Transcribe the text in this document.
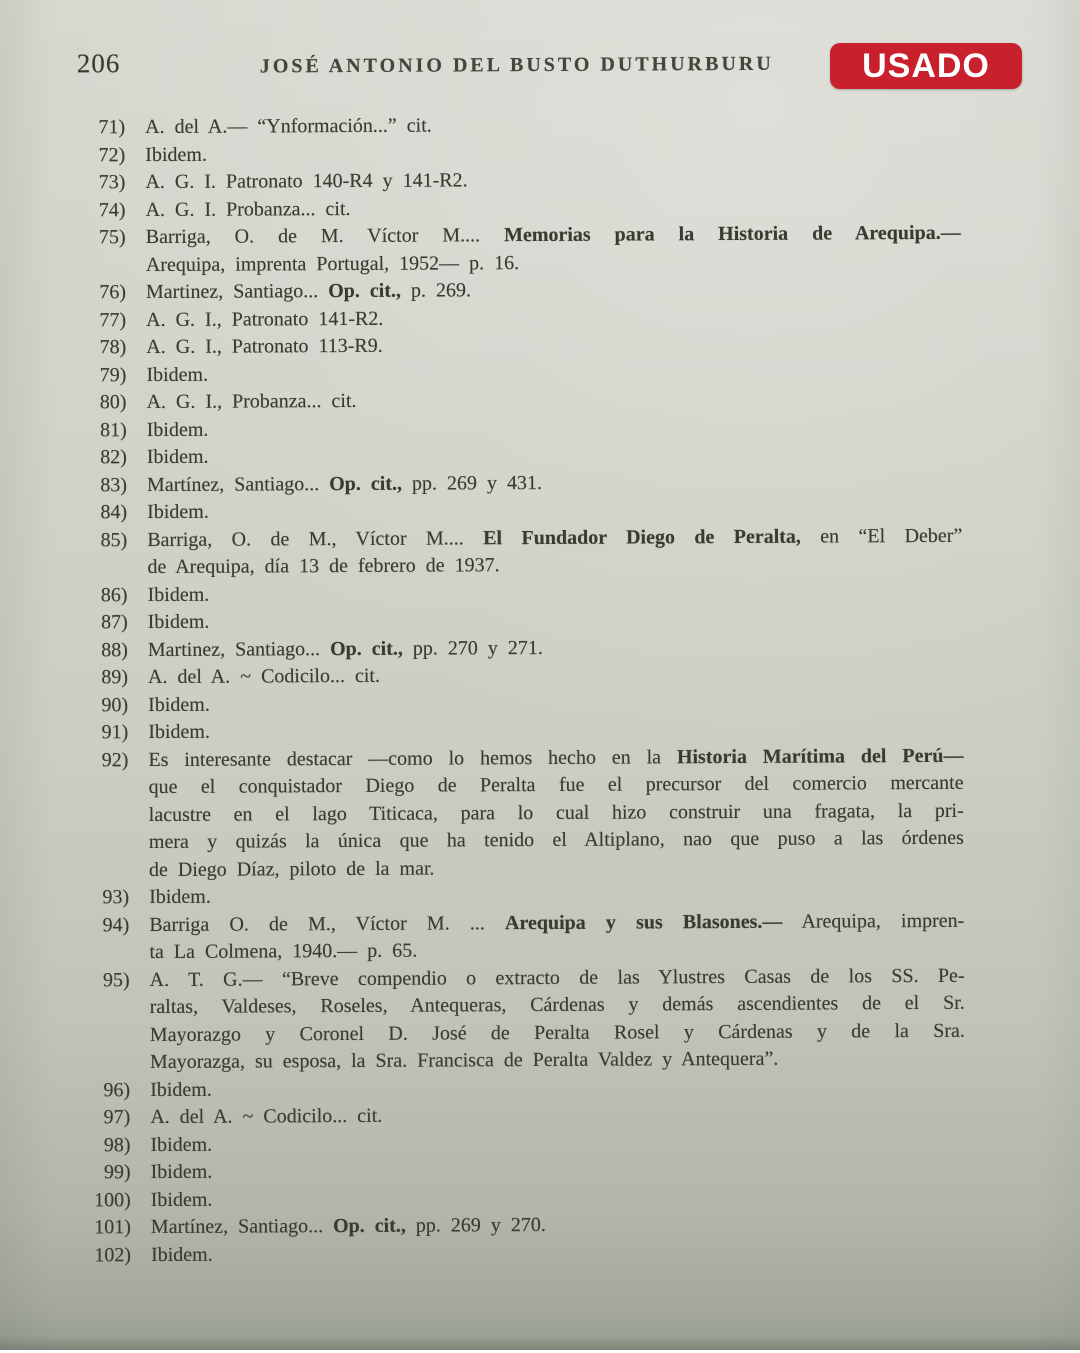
206	JOSÉ ANTONIO DEL BUSTO DUTHURBURU
71) A. del A.— “Ynformación...” cit.
72) Ibidem.
73) A. G. I. Patronato 140-R4 y 141-R2.
74) A. G. I. Probanza... cit.
75) Barriga, O. de M. Víctor M.... Memorias para la Historia de Arequipa.—
Arequipa, imprenta Portugal, 1952— p. 16.
76) Martinez, Santiago... Op. cit., p. 269.
77) A. G. I., Patronato 141-R2.
78) A. G. I., Patronato 113-R9.
79) Ibidem.
80) A. G. I., Probanza... cit.
81) Ibidem.
82) Ibidem.
83) Martínez, Santiago... Op. cit., pp. 269 y 431.
84) Ibidem.
85) Barriga, O. de M., Víctor M.... El Fundador Diego de Peralta, en “El Deber”
de Arequipa, día 13 de febrero de 1937.
86) Ibidem.
87) Ibidem.
88) Martinez, Santiago... Op. cit., pp. 270 y 271.
89) A. del A. ~ Codicilo... cit.
90) Ibidem.
91) Ibidem.
92) Es interesante destacar —como lo hemos hecho en la Historia Marítima del Perú—
que el conquistador Diego de Peralta fue el precursor del comercio mercante
lacustre en el lago Titicaca, para lo cual hizo construir una fragata, la pri-
mera y quizás la única que ha tenido el Altiplano, nao que puso a las órdenes
de Diego Díaz, piloto de la mar.
93) Ibidem.
94) Barriga O. de M., Víctor M. ... Arequipa y sus Blasones.— Arequipa, impren-
ta La Colmena, 1940.— p. 65.
95) A. T. G.— “Breve compendio o extracto de las Ylustres Casas de los SS. Pe-
raltas, Valdeses, Roseles, Antequeras, Cárdenas y demás ascendientes de el Sr.
Mayorazgo y Coronel D. José de Peralta Rosel y Cárdenas y de la Sra.
Mayorazga, su esposa, la Sra. Francisca de Peralta Valdez y Antequera”.
96) Ibidem.
97) A. del A. ~ Codicilo... cit.
98) Ibidem.
99) Ibidem.
100) Ibidem.
101) Martínez, Santiago... Op. cit., pp. 269 y 270.
102) Ibidem.
USADO
